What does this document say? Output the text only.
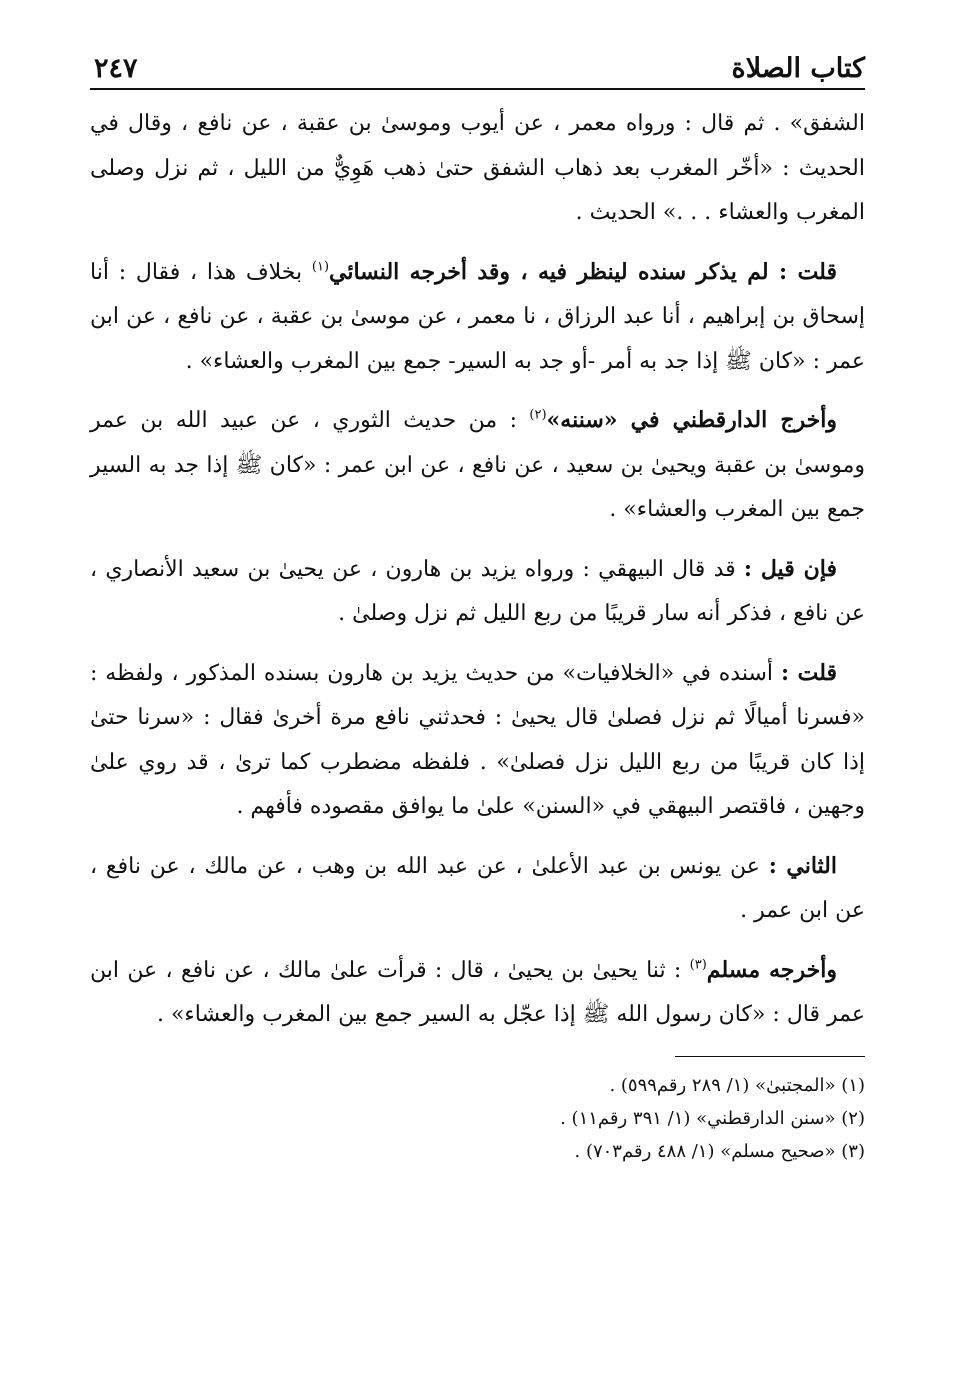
كتاب الصلاة
٢٤٧

الشفق» . ثم قال : ورواه معمر ، عن أيوب وموسىٰ بن عقبة ، عن نافع ، وقال في الحديث : «أخّر المغرب بعد ذهاب الشفق حتىٰ ذهب هَوِيٌّ من الليل ، ثم نزل وصلى المغرب والعشاء . . .» الحديث .

قلت : لم يذكر سنده لينظر فيه ، وقد أخرجه النسائي$^{(١)}$ بخلاف هذا ، فقال : أنا إسحاق بن إبراهيم ، أنا عبد الرزاق ، نا معمر ، عن موسىٰ بن عقبة ، عن نافع ، عن ابن عمر : «كان ﷺ إذا جد به أمر -أو جد به السير- جمع بين المغرب والعشاء» .

وأخرج الدارقطني في «سننه»$^{(٢)}$ : من حديث الثوري ، عن عبيد الله بن عمر وموسىٰ بن عقبة ويحيىٰ بن سعيد ، عن نافع ، عن ابن عمر : «كان ﷺ إذا جد به السير جمع بين المغرب والعشاء» .

فإن قيل : قد قال البيهقي : ورواه يزيد بن هارون ، عن يحيىٰ بن سعيد الأنصاري ، عن نافع ، فذكر أنه سار قريبًا من ربع الليل ثم نزل وصلىٰ .

قلت : أسنده في «الخلافيات» من حديث يزيد بن هارون بسنده المذكور ، ولفظه : «فسرنا أميالًا ثم نزل فصلىٰ قال يحيىٰ : فحدثني نافع مرة أخرىٰ فقال : «سرنا حتىٰ إذا كان قريبًا من ربع الليل نزل فصلىٰ» . فلفظه مضطرب كما ترىٰ ، قد روي علىٰ وجهين ، فاقتصر البيهقي في «السنن» علىٰ ما يوافق مقصوده فأفهم .

الثاني : عن يونس بن عبد الأعلىٰ ، عن عبد الله بن وهب ، عن مالك ، عن نافع ، عن ابن عمر .

وأخرجه مسلم$^{(٣)}$ : ثنا يحيىٰ بن يحيىٰ ، قال : قرأت علىٰ مالك ، عن نافع ، عن ابن عمر قال : «كان رسول الله ﷺ إذا عجّل به السير جمع بين المغرب والعشاء» .

(١) «المجتبىٰ» (١/ ٢٨٩ رقم٥٩٩) .
(٢) «سنن الدارقطني» (١/ ٣٩١ رقم١١) .
(٣) «صحيح مسلم» (١/ ٤٨٨ رقم٧٠٣) .
